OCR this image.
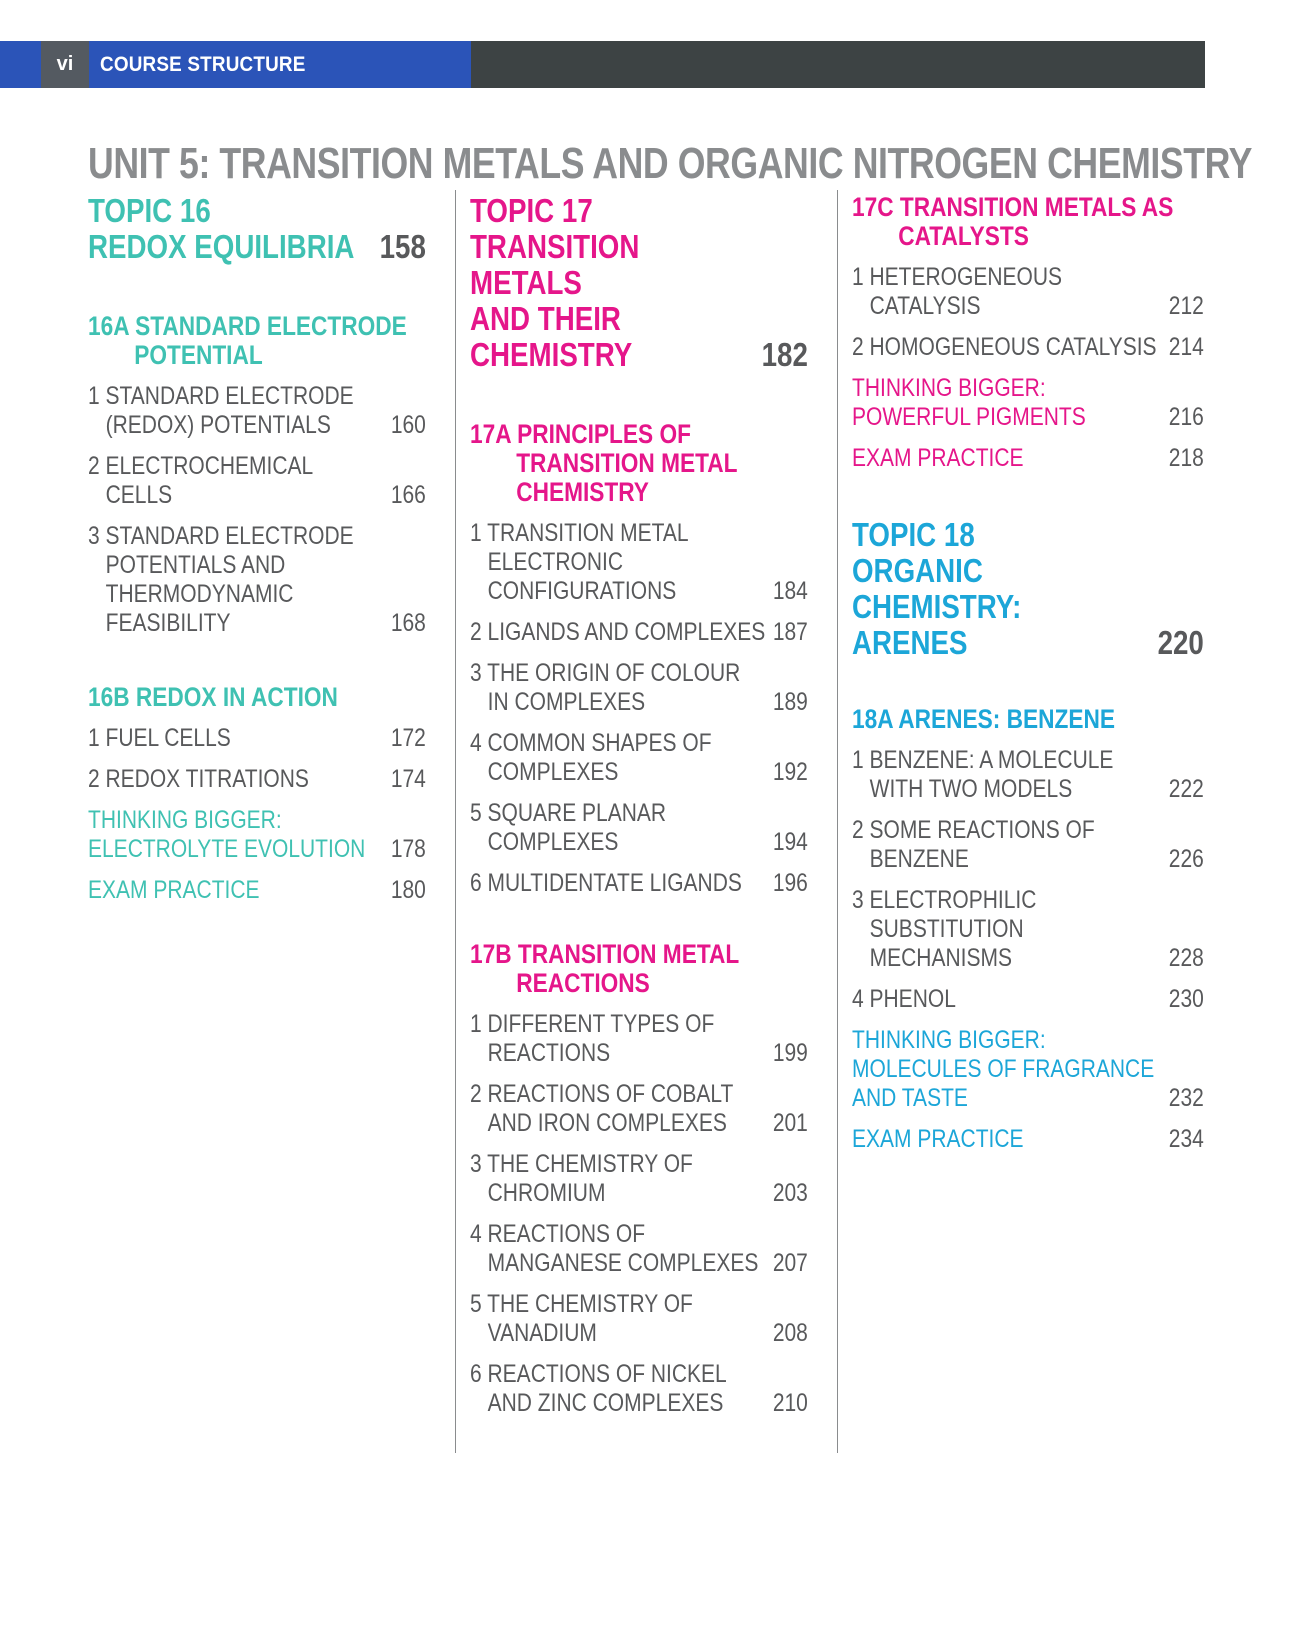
vi	COURSE STRUCTURE
UNIT 5: TRANSITION METALS AND ORGANIC NITROGEN CHEMISTRY
TOPIC 16
REDOX EQUILIBRIA 158
16A STANDARD ELECTRODE POTENTIAL
1 STANDARD ELECTRODE (REDOX) POTENTIALS 160
2 ELECTROCHEMICAL CELLS	166
3 STANDARD ELECTRODE POTENTIALS AND THERMODYNAMIC FEASIBILITY	168
16B REDOX IN ACTION
1 FUEL CELLS	172
2 REDOX TITRATIONS	174
THINKING BIGGER: ELECTROLYTE EVOLUTION 178
EXAM PRACTICE	180
TOPIC 17
TRANSITION METALS
AND THEIR
CHEMISTRY	182
17A PRINCIPLES OF TRANSITION METAL CHEMISTRY
1 TRANSITION METAL ELECTRONIC CONFIGURATIONS	184
2 LIGANDS AND COMPLEXES 187
3 THE ORIGIN OF COLOUR IN COMPLEXES	189
4 COMMON SHAPES OF COMPLEXES	192
5 SQUARE PLANAR COMPLEXES	194
6 MULTIDENTATE LIGANDS 196
17B TRANSITION METAL REACTIONS
1 DIFFERENT TYPES OF REACTIONS	199
2 REACTIONS OF COBALT AND IRON COMPLEXES 201
3 THE CHEMISTRY OF CHROMIUM	203
4 REACTIONS OF MANGANESE COMPLEXES 207
5 THE CHEMISTRY OF VANADIUM	208
6 REACTIONS OF NICKEL AND ZINC COMPLEXES 210
17C TRANSITION METALS AS CATALYSTS
1 HETEROGENEOUS CATALYSIS	212
2 HOMOGENEOUS CATALYSIS 214
THINKING BIGGER: POWERFUL PIGMENTS	216
EXAM PRACTICE	218
TOPIC 18
ORGANIC CHEMISTRY:
ARENES	220
18A ARENES: BENZENE
1 BENZENE: A MOLECULE WITH TWO MODELS	222
2 SOME REACTIONS OF BENZENE	226
3 ELECTROPHILIC SUBSTITUTION MECHANISMS	228
4 PHENOL	230
THINKING BIGGER: MOLECULES OF FRAGRANCE AND TASTE	232
EXAM PRACTICE	234
